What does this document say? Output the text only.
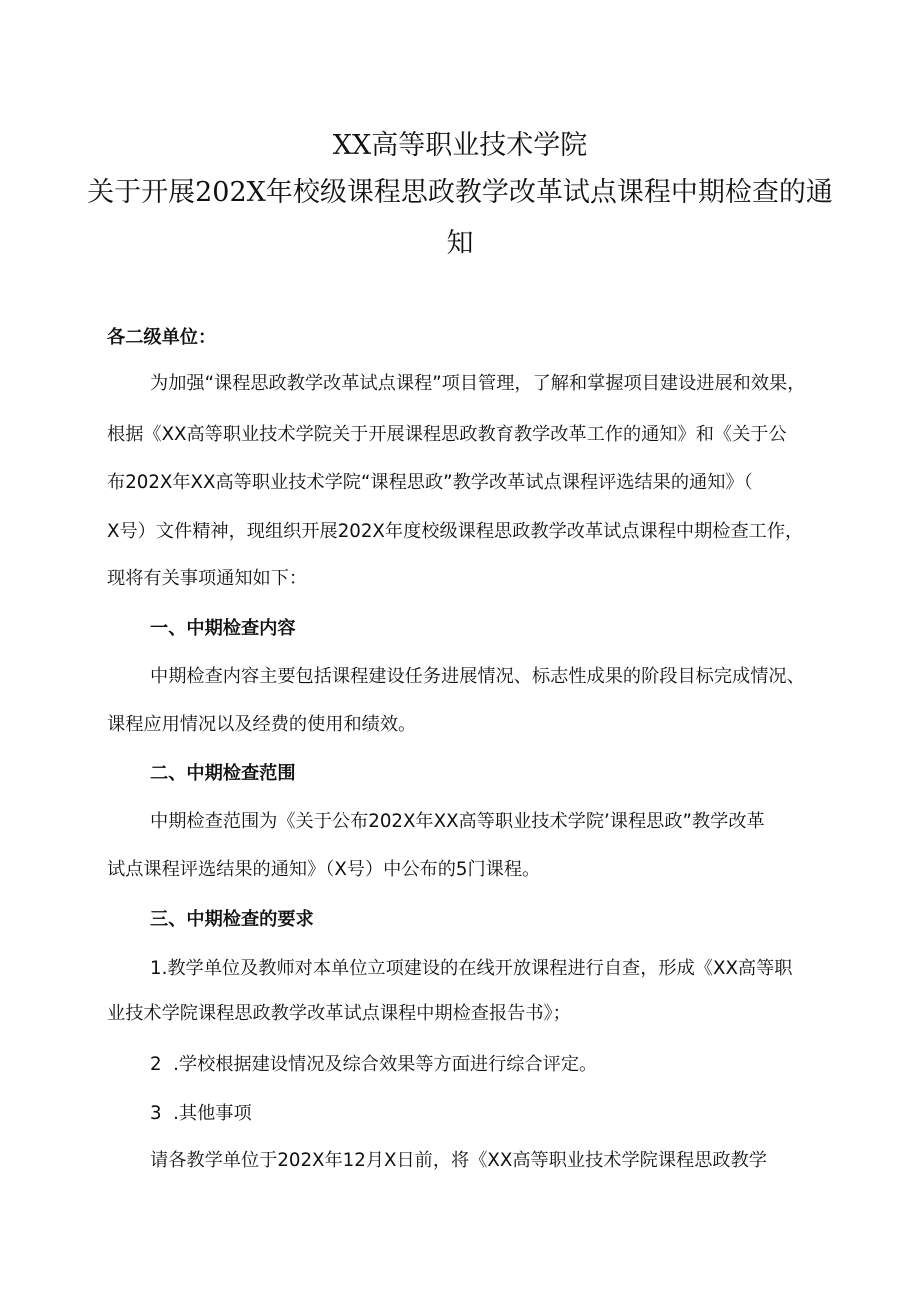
XX高等职业技术学院
关于开展202X年校级课程思政教学改革试点课程中期检查的通
知
各二级单位：
为加强“课程思政教学改革试点课程”项目管理，了解和掌握项目建设进展和效果，
根据《XX高等职业技术学院关于开展课程思政教育教学改革工作的通知》和《关于公
布202X年XX高等职业技术学院“课程思政”教学改革试点课程评选结果的通知》（
X号）文件精神，现组织开展202X年度校级课程思政教学改革试点课程中期检查工作，
现将有关事项通知如下：
一、中期检查内容
中期检查内容主要包括课程建设任务进展情况、标志性成果的阶段目标完成情况、
课程应用情况以及经费的使用和绩效。
二、中期检查范围
中期检查范围为《关于公布202X年XX高等职业技术学院’课程思政”教学改革
试点课程评选结果的通知》（X号）中公布的5门课程。
三、中期检查的要求
1.教学单位及教师对本单位立项建设的在线开放课程进行自查，形成《XX高等职
业技术学院课程思政教学改革试点课程中期检查报告书》；
2  .学校根据建设情况及综合效果等方面进行综合评定。
3  .其他事项
请各教学单位于202X年12月X日前，将《XX高等职业技术学院课程思政教学
